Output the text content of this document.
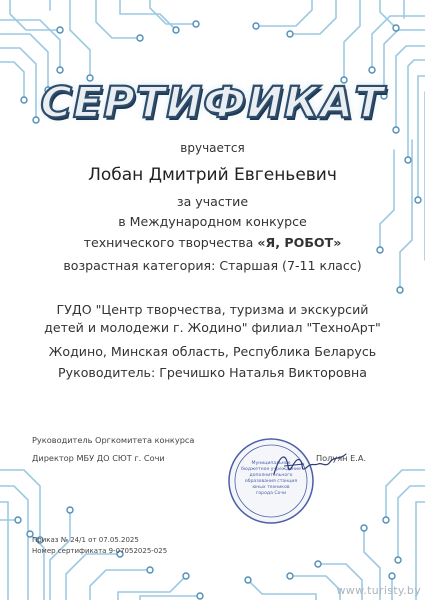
СЕРТИФИКАТ
вручается
Лобан Дмитрий Евгеньевич
за участие
в Международном конкурсе
технического творчества «Я, РОБОТ»
возрастная категория: Старшая (7-11 класс)
ГУДО "Центр творчества, туризма и экскурсий
детей и молодежи г. Жодино" филиал "ТехноАрт"
Жодино, Минская область, Республика Беларусь
Руководитель: Гречишко Наталья Викторовна
Руководитель Оргкомитета конкурса
Директор МБУ ДО СЮТ г. Сочи	Полуян Е.А.
Муниципальное
бюджетное учреждение
дополнительного
образования станция
юных техников
города Сочи
Приказ № 24/1 от 07.05.2025
Номер сертификата 9-07052025-025
www.turisty.by
